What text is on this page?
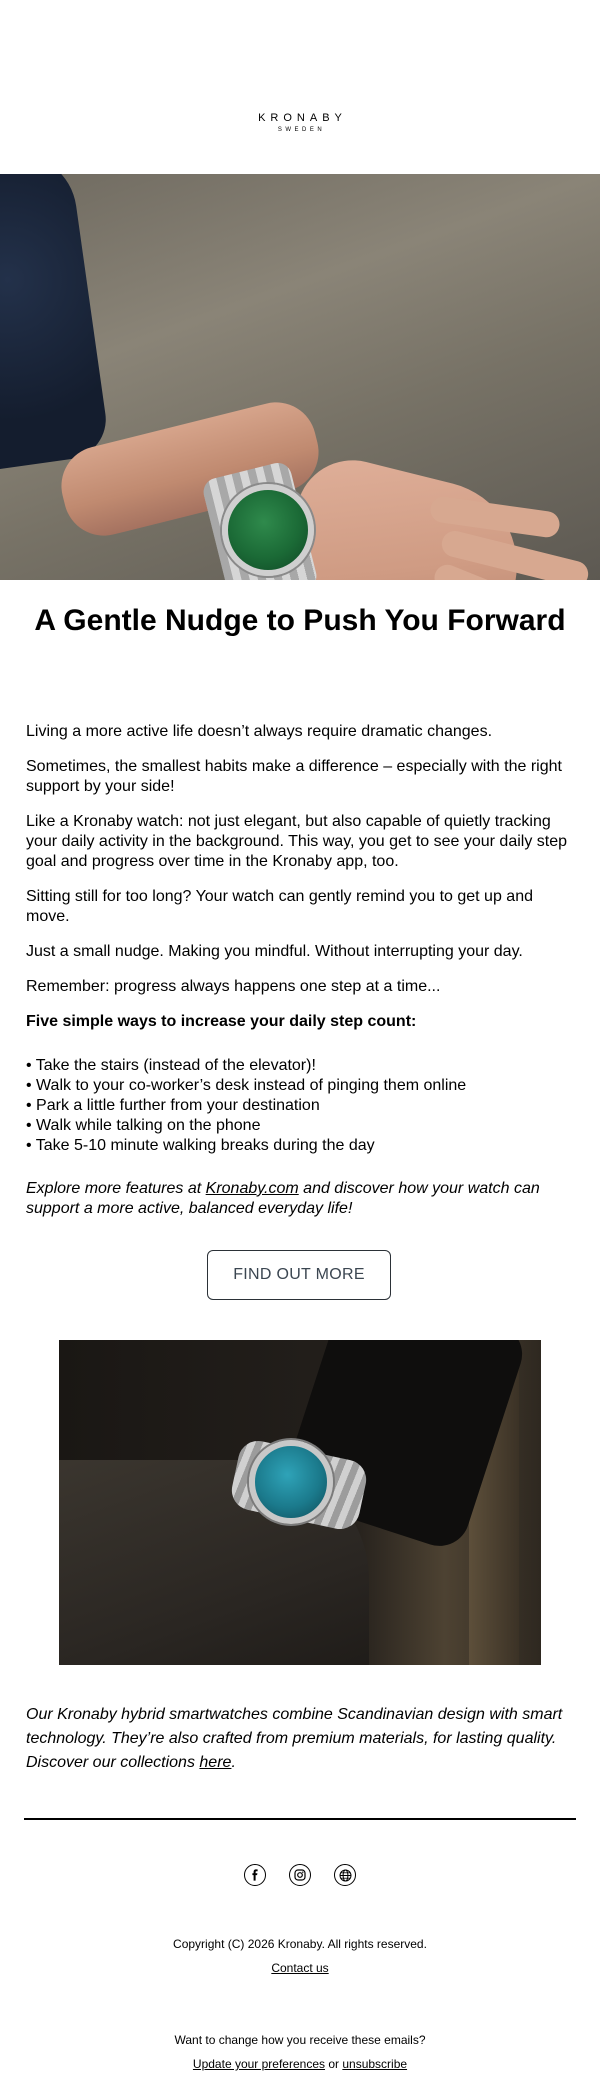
KRONABY
SWEDEN
A Gentle Nudge to Push You Forward

Living a more active life doesn’t always require dramatic changes.

Sometimes, the smallest habits make a difference – especially with the right support by your side!

Like a Kronaby watch: not just elegant, but also capable of quietly tracking your daily activity in the background. This way, you get to see your daily step goal and progress over time in the Kronaby app, too.

Sitting still for too long? Your watch can gently remind you to get up and move.

Just a small nudge. Making you mindful. Without interrupting your day.

Remember: progress always happens one step at a time...

Five simple ways to increase your daily step count:

• Take the stairs (instead of the elevator)!
• Walk to your co-worker’s desk instead of pinging them online
• Park a little further from your destination
• Walk while talking on the phone
• Take 5-10 minute walking breaks during the day

Explore more features at Kronaby.com and discover how your watch can support a more active, balanced everyday life!

FIND OUT MORE

Our Kronaby hybrid smartwatches combine Scandinavian design with smart technology. They’re also crafted from premium materials, for lasting quality. Discover our collections here.

Copyright (C) 2026 Kronaby. All rights reserved.
Contact us
Want to change how you receive these emails?
Update your preferences or unsubscribe
